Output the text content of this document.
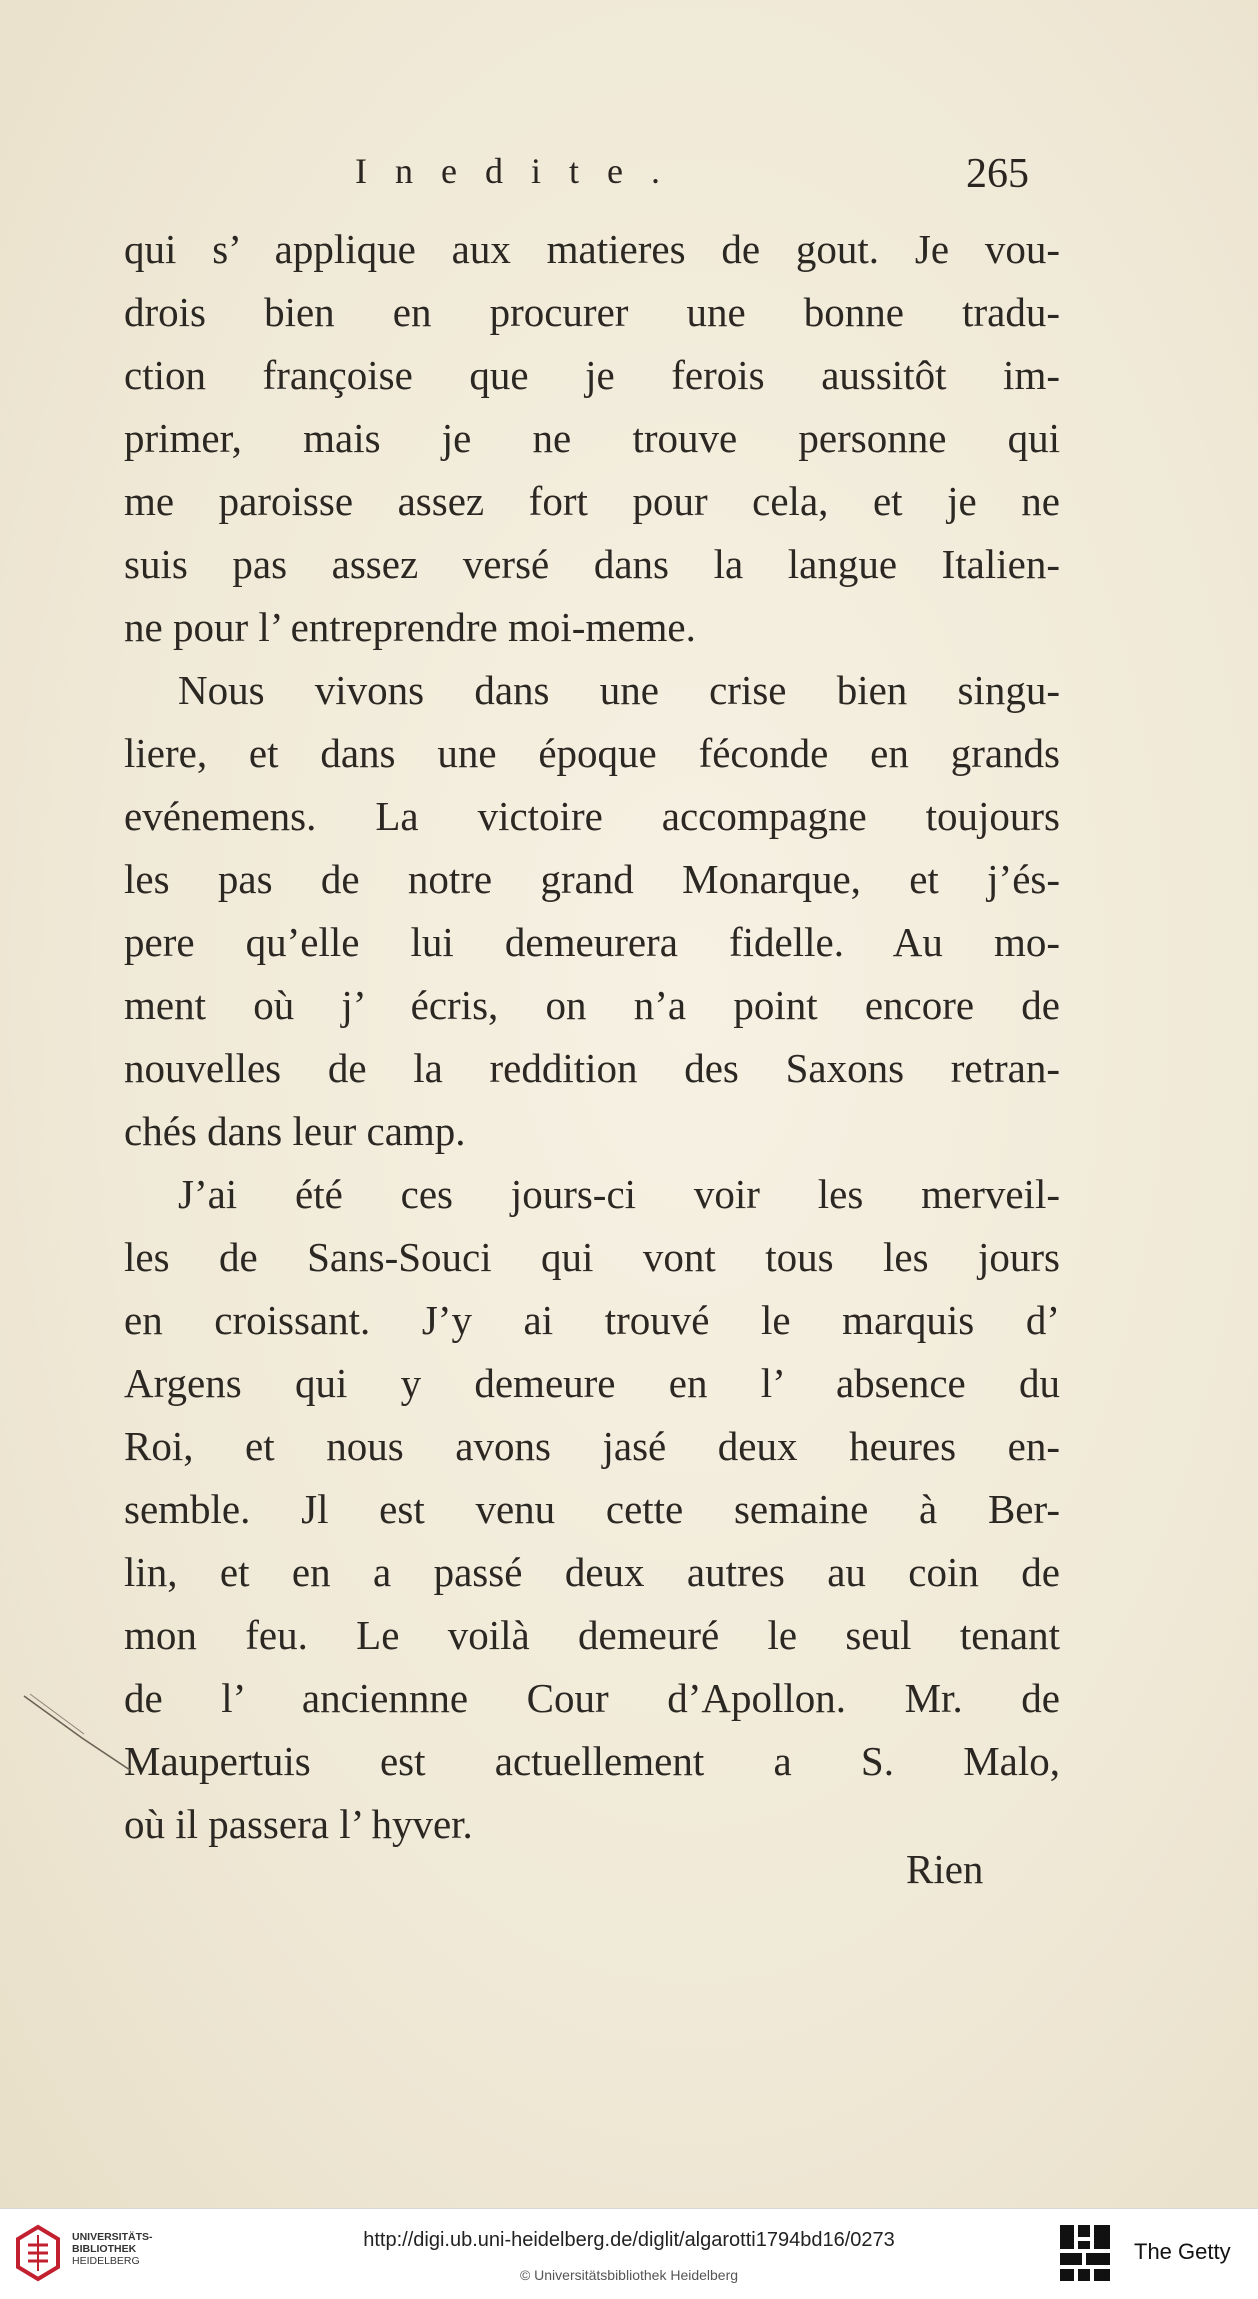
Inedite.	265
qui s’ applique aux matieres de gout. Je vou-
drois bien en procurer une bonne tradu-
ction françoise que je ferois aussitôt im-
primer, mais je ne trouve personne qui
me paroisse assez fort pour cela, et je ne
suis pas assez versé dans la langue Italien-
ne pour l’ entreprendre moi-meme.
Nous vivons dans une crise bien singu-
liere, et dans une époque féconde en grands
evénemens. La victoire accompagne toujours
les pas de notre grand Monarque, et j’és-
pere qu’elle lui demeurera fidelle. Au mo-
ment où j’ écris, on n’a point encore de
nouvelles de la reddition des Saxons retran-
chés dans leur camp.
J’ai été ces jours-ci voir les merveil-
les de Sans-Souci qui vont tous les jours
en croissant. J’y ai trouvé le marquis d’
Argens qui y demeure en l’ absence du
Roi, et nous avons jasé deux heures en-
semble. Jl est venu cette semaine à Ber-
lin, et en a passé deux autres au coin de
mon feu. Le voilà demeuré le seul tenant
de l’ anciennne Cour d’Apollon. Mr. de
Maupertuis est actuellement a S. Malo,
où il passera l’ hyver.
Rien
UNIVERSITÄTS-
BIBLIOTHEK
HEIDELBERG
http://digi.ub.uni-heidelberg.de/diglit/algarotti1794bd16/0273
© Universitätsbibliothek Heidelberg
The Getty
